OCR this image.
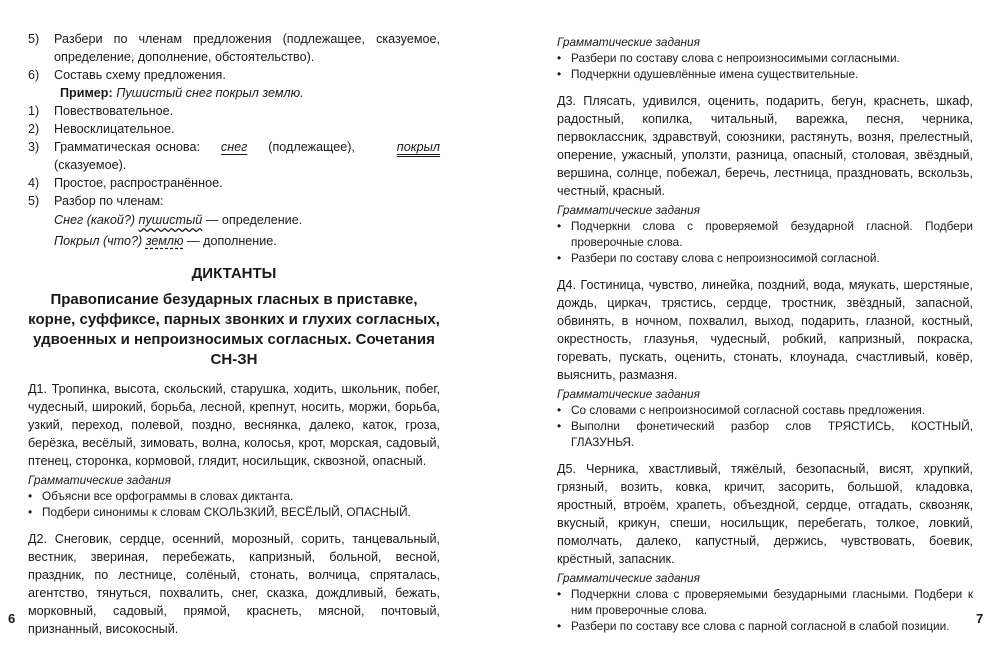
5)	Разбери по членам предложения (подлежащее, сказуемое, определение, дополнение, обстоятельство).

6)	Составь схему предложения.

Пример: Пушистый снег покрыл землю.

1)	Повествовательное.

2)	Невосклицательное.

3)	Грамматическая основа: снег (подлежащее),	покрыл (сказуемое).

4)	Простое, распространённое.

5)	Разбор по членам:

Снег (какой?) пушистый — определение.

Покрыл (что?) землю — дополнение.

ДИКТАНТЫ
Правописание безударных гласных в приставке, корне, суффиксе, парных звонких и глухих согласных, удвоенных и непроизносимых согласных. Сочетания СН-ЗН

Д1. Тропинка, высота, скольский, старушка, ходить, школьник, побег, чудесный, широкий, борьба, лесной, крепнут, носить, моржи, борьба, узкий, переход, полевой, поздно, веснянка, далеко, каток, гроза, берёзка, весёлый, зимовать, волна, колосья, крот, морская, садовый, птенец, сторонка, кормовой, глядит, носильщик, сквозной, опасный.

Грамматические задания

• Объясни все орфограммы в словах диктанта.

• Подбери синонимы к словам СКОЛЬЗКИЙ, ВЕСЁЛЫЙ, ОПАСНЫЙ.

Д2. Снеговик, сердце, осенний, морозный, сорить, танцевальный, вестник, звериная, перебежать, капризный, больной, весной, праздник, по лестнице, солёный, стонать, волчица, спряталась, агентство, тянуться, похвалить, снег, сказка, дождливый, бежать, морковный, садовый, прямой, краснеть, мясной, почтовый, признанный, високосный.

6

Грамматические задания

• Разбери по составу слова с непроизносимыми согласными.

• Подчеркни одушевлённые имена существительные.

Д3. Плясать, удивился, оценить, подарить, бегун, краснеть, шкаф, радостный, копилка, читальный, варежка, песня, черника, первоклассник, здравствуй, союзники, растянуть, возня, прелестный, оперение, ужасный, уползти, разница, опасный, столовая, звёздный, вершина, солнце, побежал, беречь, лестница, праздновать, вскользь, честный, красный.

Грамматические задания

• Подчеркни слова с проверяемой безударной гласной. Подбери проверочные слова.

• Разбери по составу слова с непроизносимой согласной.

Д4. Гостиница, чувство, линейка, поздний, вода, мяукать, шерстяные, дождь, циркач, трястись, сердце, тростник, звёздный, запасной, обвинять, в ночном, похвалил, выход, подарить, глазной, костный, окрестность, глазунья, чудесный, робкий, капризный, покраска, горевать, пускать, оценить, стонать, клоунада, счастливый, ковёр, выяснить, размазня.

Грамматические задания

• Со словами с непроизносимой согласной составь предложения.

• Выполни фонетический разбор слов ТРЯСТИСЬ, КОСТНЫЙ, ГЛАЗУНЬЯ.

Д5. Черника, хвастливый, тяжёлый, безопасный, висят, хрупкий, грязный, возить, ковка, кричит, засорить, большой, кладовка, яростный, втроём, храпеть, объездной, сердце, отгадать, сквозняк, вкусный, крикун, спеши, носильщик, перебегать, толкое, ловкий, помолчать, далеко, капустный, держись, чувствовать, боевик, крёстный, запасник.

Грамматические задания

• Подчеркни слова с проверяемыми безударными гласными. Подбери к ним проверочные слова.

• Разбери по составу все слова с парной согласной в слабой позиции. 7
